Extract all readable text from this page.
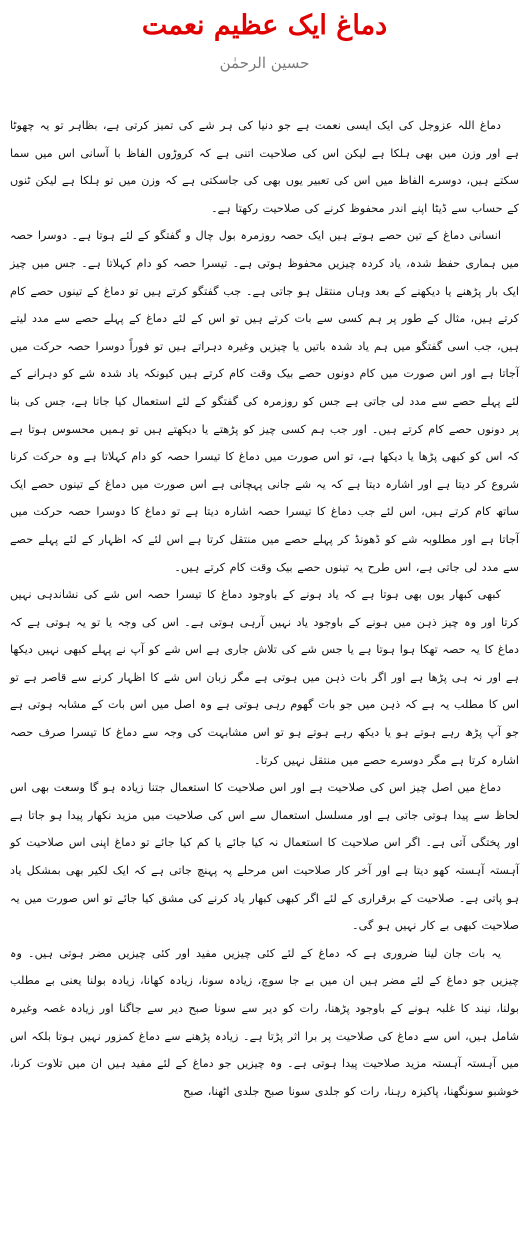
دماغ ایک عظیم نعمت
حسین الرحمٰن

دماغ اللہ عزوجل کی ایک ایسی نعمت ہے جو دنیا کی ہر شے کی تمیز کرتی ہے، بظاہر تو یہ چھوٹا ہے اور وزن میں بھی ہلکا ہے لیکن اس کی صلاحیت اتنی ہے کہ کروڑوں الفاظ با آسانی اس میں سما سکتے ہیں، دوسرے الفاظ میں اس کی تعبیر یوں بھی کی جاسکتی ہے کہ وزن میں تو ہلکا ہے لیکن ٹنوں کے حساب سے ڈیٹا اپنے اندر محفوظ کرنے کی صلاحیت رکھتا ہے۔

انسانی دماغ کے تین حصے ہوتے ہیں ایک حصہ روزمرہ بول چال و گفتگو کے لئے ہوتا ہے۔ دوسرا حصہ میں ہماری حفظ شدہ، یاد کردہ چیزیں محفوظ ہوتی ہے۔ تیسرا حصہ کو دام کہلاتا ہے۔ جس میں چیز ایک بار پڑھنے یا دیکھنے کے بعد وہاں منتقل ہو جاتی ہے۔ جب گفتگو کرتے ہیں تو دماغ کے تینوں حصے کام کرتے ہیں، مثال کے طور پر ہم کسی سے بات کرتے ہیں تو اس کے لئے دماغ کے پہلے حصے سے مدد لیتے ہیں، جب اسی گفتگو میں ہم یاد شدہ باتیں یا چیزیں وغیرہ دہراتے ہیں تو فوراً دوسرا حصہ حرکت میں آجاتا ہے اور اس صورت میں کام دونوں حصے بیک وقت کام کرتے ہیں کیونکہ یاد شدہ شے کو دہرانے کے لئے پہلے حصے سے مدد لی جاتی ہے جس کو روزمرہ کی گفتگو کے لئے استعمال کیا جاتا ہے، جس کی بنا پر دونوں حصے کام کرتے ہیں۔ اور جب ہم کسی چیز کو پڑھتے یا دیکھتے ہیں تو ہمیں محسوس ہوتا ہے کہ اس کو کبھی پڑھا یا دیکھا ہے، تو اس صورت میں دماغ کا تیسرا حصہ کو دام کہلاتا ہے وہ حرکت کرنا شروع کر دیتا ہے اور اشارہ دیتا ہے کہ یہ شے جانی پہچانی ہے اس صورت میں دماغ کے تینوں حصے ایک ساتھ کام کرتے ہیں، اس لئے جب دماغ کا تیسرا حصہ اشارہ دیتا ہے تو دماغ کا دوسرا حصہ حرکت میں آجاتا ہے اور مطلوبہ شے کو ڈھونڈ کر پہلے حصے میں منتقل کرتا ہے اس لئے کہ اظہار کے لئے پہلے حصے سے مدد لی جاتی ہے، اس طرح یہ تینوں حصے بیک وقت کام کرتے ہیں۔

کبھی کبھار یوں بھی ہوتا ہے کہ یاد ہونے کے باوجود دماغ کا تیسرا حصہ اس شے کی نشاندہی نہیں کرتا اور وہ چیز ذہن میں ہونے کے باوجود یاد نہیں آرہی ہوتی ہے۔ اس کی وجہ یا تو یہ ہوتی ہے کہ دماغ کا یہ حصہ تھکا ہوا ہوتا ہے یا جس شے کی تلاش جاری ہے اس شے کو آپ نے پہلے کبھی نہیں دیکھا ہے اور نہ ہی پڑھا ہے اور اگر بات ذہن میں ہوتی ہے مگر زبان اس شے کا اظہار کرنے سے قاصر ہے تو اس کا مطلب یہ ہے کہ ذہن میں جو بات گھوم رہی ہوتی ہے وہ اصل میں اس بات کے مشابہ ہوتی ہے جو آپ پڑھ رہے ہوتے ہو یا دیکھ رہے ہوتے ہو تو اس مشابہت کی وجہ سے دماغ کا تیسرا صرف حصہ اشارہ کرتا ہے مگر دوسرے حصے میں منتقل نہیں کرتا۔

دماغ میں اصل چیز اس کی صلاحیت ہے اور اس صلاحیت کا استعمال جتنا زیادہ ہو گا وسعت بھی اس لحاظ سے پیدا ہوتی جاتی ہے اور مسلسل استعمال سے اس کی صلاحیت میں مزید نکھار پیدا ہو جاتا ہے اور پختگی آتی ہے۔ اگر اس صلاحیت کا استعمال نہ کیا جائے یا کم کیا جائے تو دماغ اپنی اس صلاحیت کو آہستہ آہستہ کھو دیتا ہے اور آخر کار صلاحیت اس مرحلے پہ پہنچ جاتی ہے کہ ایک لکیر بھی بمشکل یاد ہو پاتی ہے۔ صلاحیت کے برقراری کے لئے اگر کبھی کبھار یاد کرنے کی مشق کیا جائے تو اس صورت میں یہ صلاحیت کبھی بے کار نہیں ہو گی۔

یہ بات جان لینا ضروری ہے کہ دماغ کے لئے کئی چیزیں مفید اور کئی چیزیں مضر ہوتی ہیں۔ وہ چیزیں جو دماغ کے لئے مضر ہیں ان میں بے جا سوچ، زیادہ سونا، زیادہ کھانا، زیادہ بولنا یعنی بے مطلب بولنا، نیند کا غلبہ ہونے کے باوجود پڑھنا، رات کو دیر سے سونا صبح دیر سے جاگنا اور زیادہ غصہ وغیرہ شامل ہیں، اس سے دماغ کی صلاحیت پر برا اثر پڑتا ہے۔ زیادہ پڑھنے سے دماغ کمزور نہیں ہوتا بلکہ اس میں آہستہ آہستہ مزید صلاحیت پیدا ہوتی ہے۔ وہ چیزیں جو دماغ کے لئے مفید ہیں ان میں تلاوت کرنا، خوشبو سونگھنا، پاکیزہ رہنا، رات کو جلدی سونا صبح جلدی اٹھنا، صبح
